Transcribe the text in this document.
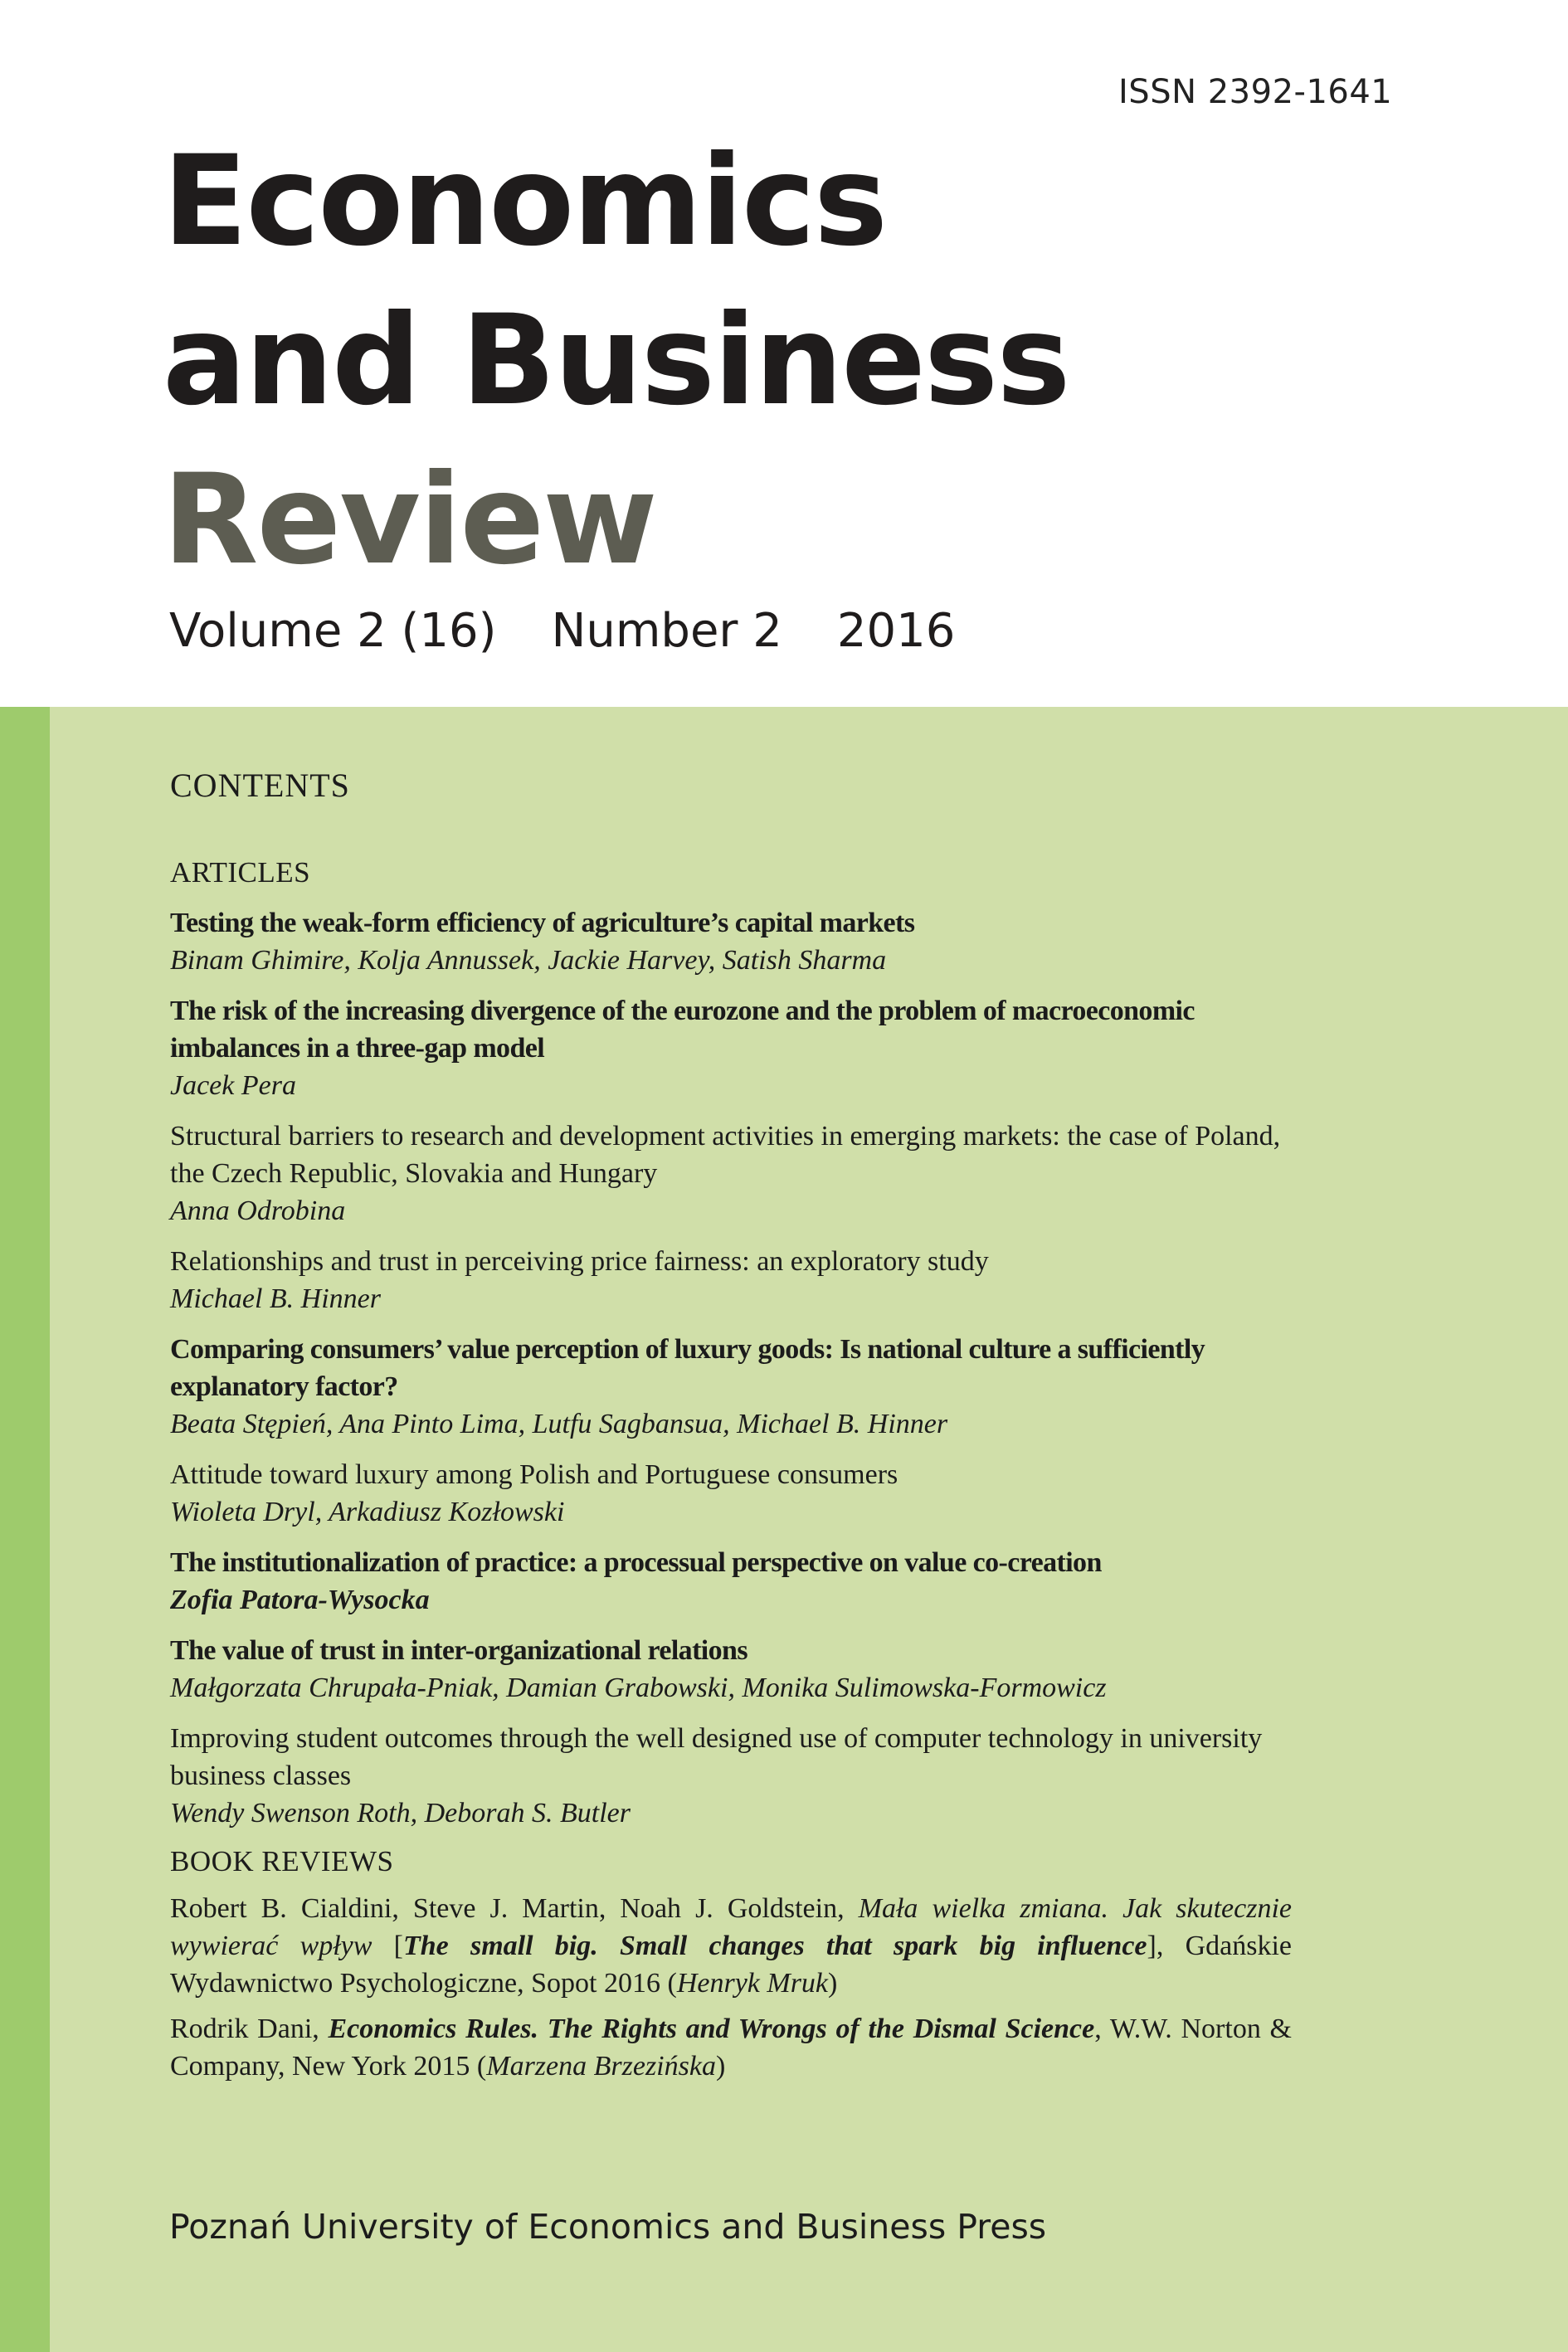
ISSN 2392-1641
Economics
and Business
Review
Volume 2 (16) Number 2 2016
CONTENTS
ARTICLES
Testing the weak-form efficiency of agriculture’s capital markets
Binam Ghimire, Kolja Annussek, Jackie Harvey, Satish Sharma
The risk of the increasing divergence of the eurozone and the problem of macroeconomic imbalances in a three-gap model
Jacek Pera
Structural barriers to research and development activities in emerging markets: the case of Poland, the Czech Republic, Slovakia and Hungary
Anna Odrobina
Relationships and trust in perceiving price fairness: an exploratory study
Michael B. Hinner
Comparing consumers’ value perception of luxury goods: Is national culture a sufficiently explanatory factor?
Beata Stępień, Ana Pinto Lima, Lutfu Sagbansua, Michael B. Hinner
Attitude toward luxury among Polish and Portuguese consumers
Wioleta Dryl, Arkadiusz Kozłowski
The institutionalization of practice: a processual perspective on value co-creation
Zofia Patora-Wysocka
The value of trust in inter-organizational relations
Małgorzata Chrupała-Pniak, Damian Grabowski, Monika Sulimowska-Formowicz
Improving student outcomes through the well designed use of computer technology in university business classes
Wendy Swenson Roth, Deborah S. Butler
BOOK REVIEWS
Robert B. Cialdini, Steve J. Martin, Noah J. Goldstein, Mała wielka zmiana. Jak skutecznie wywierać wpływ [The small big. Small changes that spark big influence], Gdańskie Wydawnictwo Psychologiczne, Sopot 2016 (Henryk Mruk)
Rodrik Dani, Economics Rules. The Rights and Wrongs of the Dismal Science, W.W. Norton & Company, New York 2015 (Marzena Brzezińska)
Poznań University of Economics and Business Press
